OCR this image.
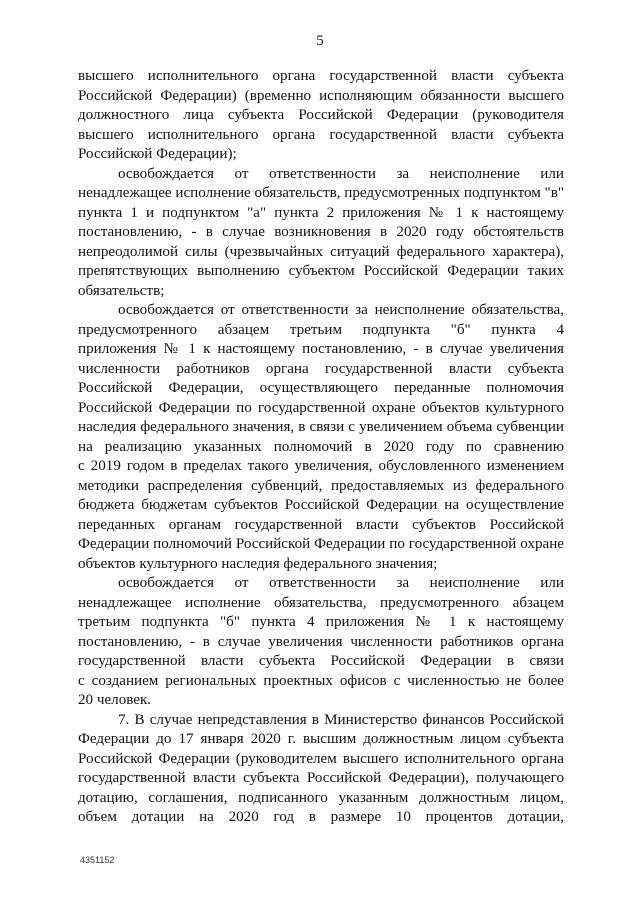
5

высшего исполнительного органа государственной власти субъекта
Российской Федерации) (временно исполняющим обязанности высшего
должностного лица субъекта Российской Федерации (руководителя
высшего исполнительного органа государственной власти субъекта
Российской Федерации);

освобождается от ответственности за неисполнение или
ненадлежащее исполнение обязательств, предусмотренных подпунктом "в"
пункта 1 и подпунктом "а" пункта 2 приложения № 1 к настоящему
постановлению, - в случае возникновения в 2020 году обстоятельств
непреодолимой силы (чрезвычайных ситуаций федерального характера),
препятствующих выполнению субъектом Российской Федерации таких
обязательств;

освобождается от ответственности за неисполнение обязательства,
предусмотренного абзацем третьим подпункта "б" пункта 4
приложения № 1 к настоящему постановлению, - в случае увеличения
численности работников органа государственной власти субъекта
Российской Федерации, осуществляющего переданные полномочия
Российской Федерации по государственной охране объектов культурного
наследия федерального значения, в связи с увеличением объема субвенции
на реализацию указанных полномочий в 2020 году по сравнению
с 2019 годом в пределах такого увеличения, обусловленного изменением
методики распределения субвенций, предоставляемых из федерального
бюджета бюджетам субъектов Российской Федерации на осуществление
переданных органам государственной власти субъектов Российской
Федерации полномочий Российской Федерации по государственной охране
объектов культурного наследия федерального значения;

освобождается от ответственности за неисполнение или
ненадлежащее исполнение обязательства, предусмотренного абзацем
третьим подпункта "б" пункта 4 приложения № 1 к настоящему
постановлению, - в случае увеличения численности работников органа
государственной власти субъекта Российской Федерации в связи
с созданием региональных проектных офисов с численностью не более
20 человек.

7. В случае непредставления в Министерство финансов Российской
Федерации до 17 января 2020 г. высшим должностным лицом субъекта
Российской Федерации (руководителем высшего исполнительного органа
государственной власти субъекта Российской Федерации), получающего
дотацию, соглашения, подписанного указанным должностным лицом,
объем дотации на 2020 год в размере 10 процентов дотации,

4351152
